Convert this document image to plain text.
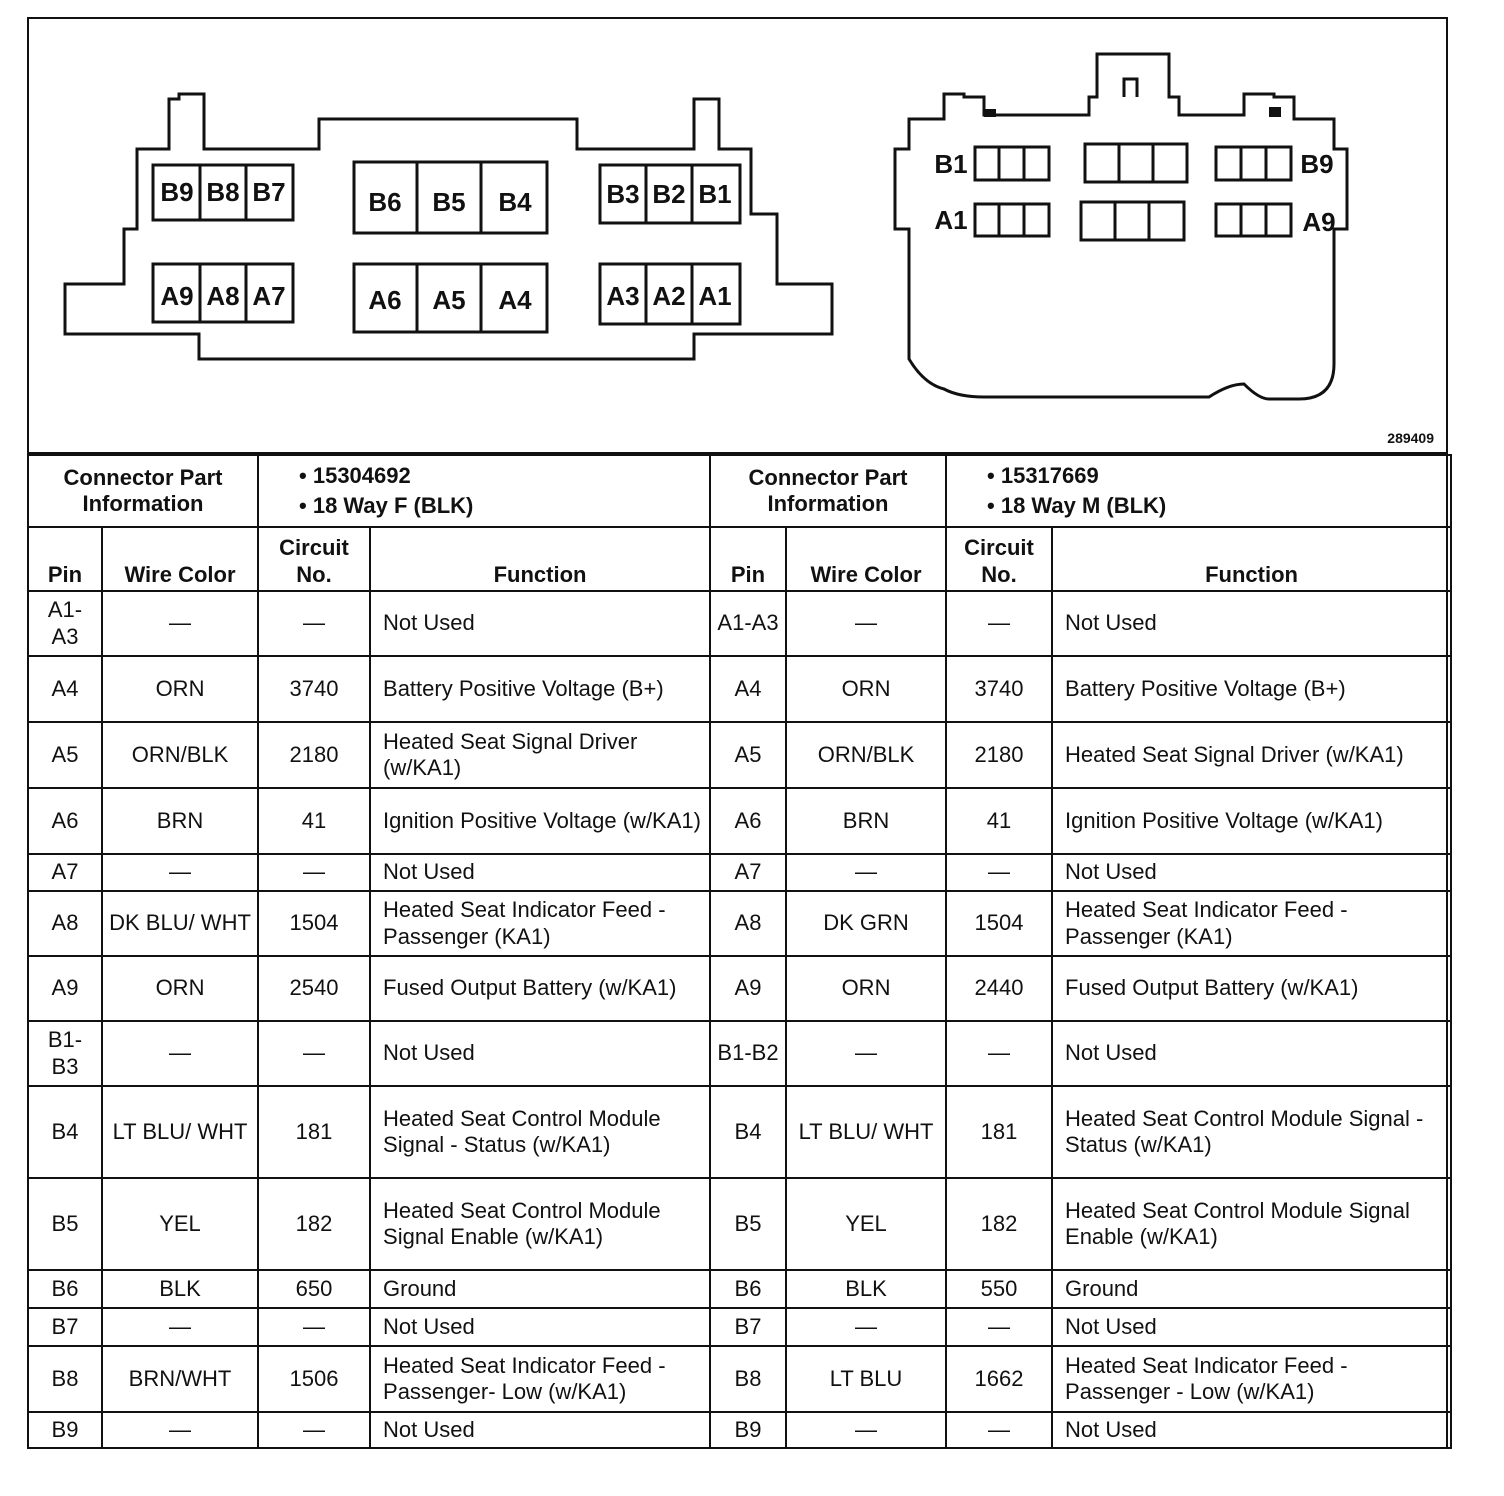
B9 B8 B7	B6 B5 B4	B3 B2 B1
A9 A8 A7	A6 A5 A4	A3 A2 A1
B1
A1
B9
A9
289409
Connector Part Information		• 15304692
• 18 Way F (BLK)	

Pin	Wire Color	Circuit No.	Function
A1-A3	—	—	Not Used
A4	ORN	3740	Battery Positive Voltage (B+)
A5	ORN/BLK	2180	Heated Seat Signal Driver (w/KA1)
A6	BRN	41	Ignition Positive Voltage (w/KA1)
A7	—	—	Not Used
A8	DK BLU/ WHT	1504	Heated Seat Indicator Feed - Passenger (KA1)
A9	ORN	2540	Fused Output Battery (w/KA1)
B1-B3	—	—	Not Used
B4	LT BLU/ WHT	181	Heated Seat Control Module Signal - Status (w/KA1)
B5	YEL	182	Heated Seat Control Module Signal Enable (w/KA1)
B6	BLK	650	Ground
B7	—	—	Not Used
B8	BRN/WHT	1506	Heated Seat Indicator Feed - Passenger- Low (w/KA1)
B9	—	—	Not Used
Connector Part Information		• 15317669
• 18 Way M (BLK)	

Pin	Wire Color	Circuit No.	Function
A1-A3	—	—	Not Used
A4	ORN	3740	Battery Positive Voltage (B+)
A5	ORN/BLK	2180	Heated Seat Signal Driver (w/KA1)
A6	BRN	41	Ignition Positive Voltage (w/KA1)
A7	—	—	Not Used
A8	DK GRN	1504	Heated Seat Indicator Feed - Passenger (KA1)
A9	ORN	2440	Fused Output Battery (w/KA1)
B1-B2	—	—	Not Used
B4	LT BLU/ WHT	181	Heated Seat Control Module Signal - Status (w/KA1)
B5	YEL	182	Heated Seat Control Module Signal Enable (w/KA1)
B6	BLK	550	Ground
B7	—	—	Not Used
B8	LT BLU	1662	Heated Seat Indicator Feed - Passenger - Low (w/KA1)
B9	—	—	Not Used
